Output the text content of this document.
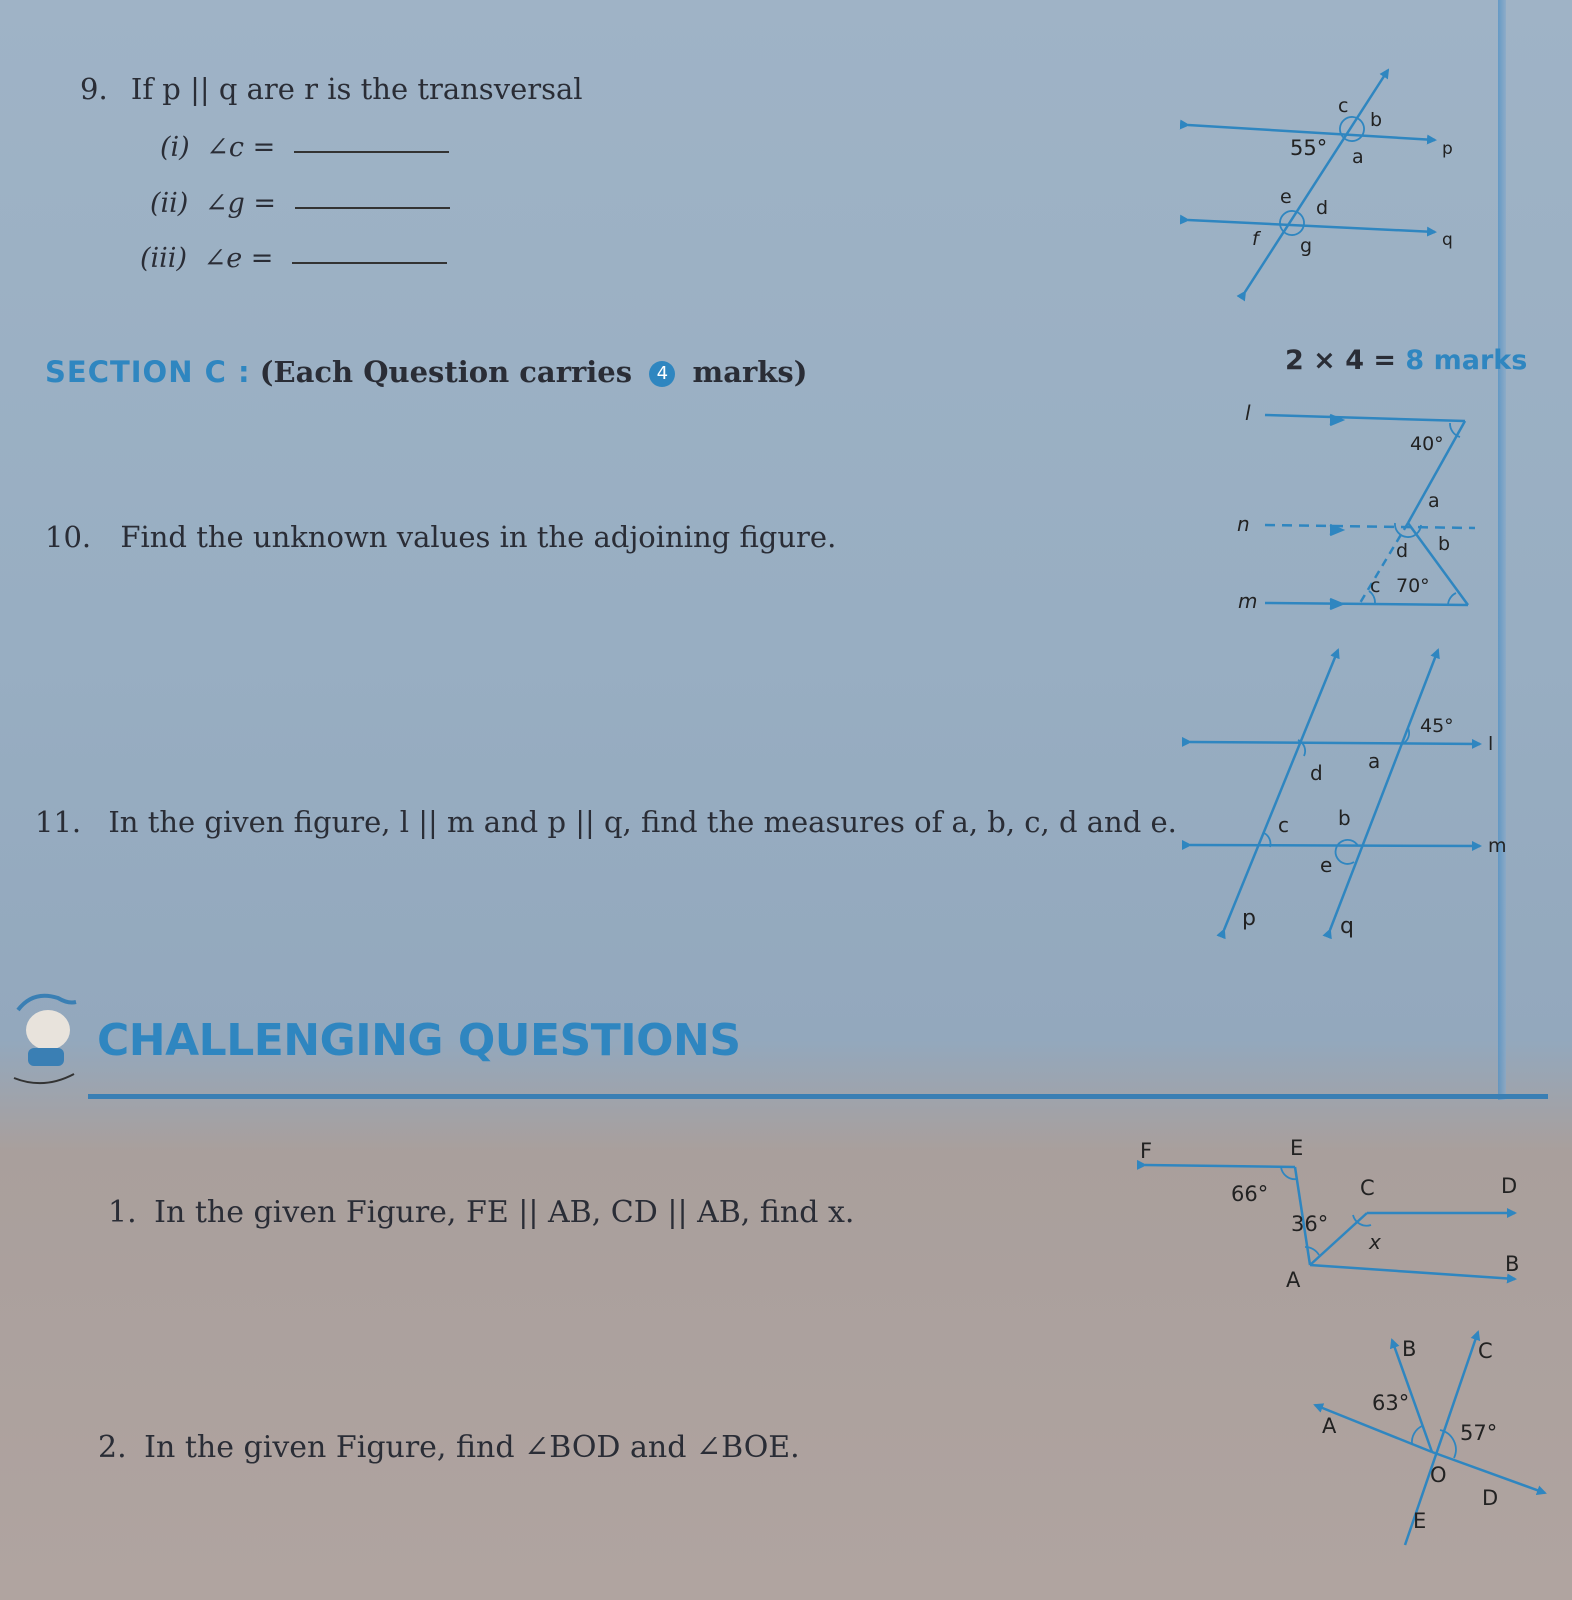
9. If p || q are r is the transversal
(i) ∠c =
(ii) ∠g =
(iii) ∠e =
55°
c
b
a
e d
f g
p
q
SECTION C : (Each Question carries 4 marks)	2 × 4 = 8 marks
10. Find the unknown values in the adjoining figure.
l
n
m
40°
a
b
d
c 70°
11. In the given figure, l || m and p || q, find the measures of a, b, c, d and e.
45°
d a
l
c b
m
e
p	q
CHALLENGING QUESTIONS
1. In the given Figure, FE || AB, CD || AB, find x.
F	E
C	D
66°
36°
x
A
B
2. In the given Figure, find ∠BOD and ∠BOE.
B	C
63°
A	57°
O
D
E
